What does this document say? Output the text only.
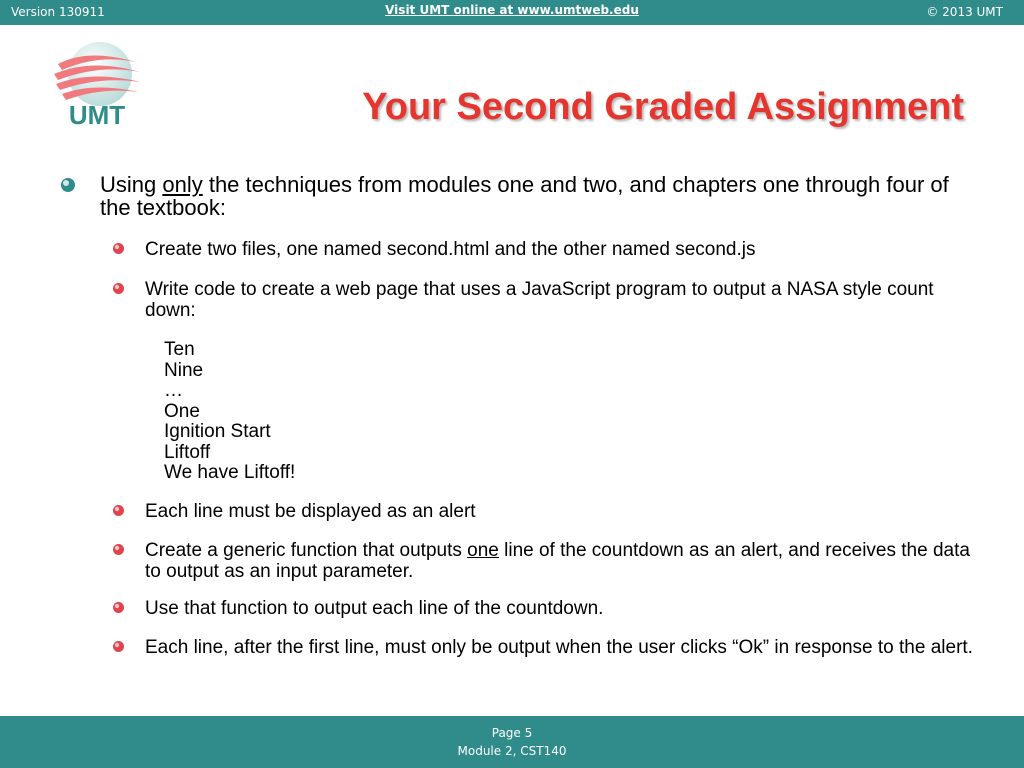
Version 130911	Visit UMT online at www.umtweb.edu	© 2013 UMT
UMT	Your Second Graded Assignment
Using only the techniques from modules one and two, and chapters one through four of the textbook:
Create two files, one named second.html and the other named second.js
Write code to create a web page that uses a JavaScript program to output a NASA style count down:
Ten
Nine
…
One
Ignition Start
Liftoff
We have Liftoff!
Each line must be displayed as an alert
Create a generic function that outputs one line of the countdown as an alert, and receives the data to output as an input parameter.
Use that function to output each line of the countdown.
Each line, after the first line, must only be output when the user clicks “Ok” in response to the alert.
Page 5
Module 2, CST140
